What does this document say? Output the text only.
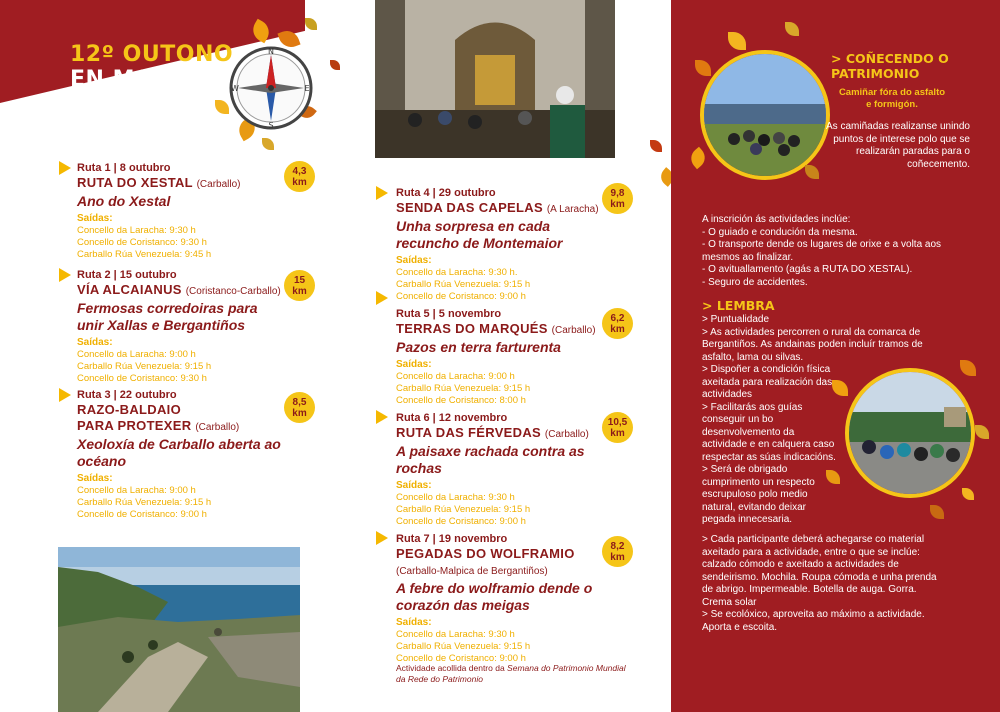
12º OUTONO
EN MARCHA
N
S
E
W
Ruta 1 | 8 outubro
RUTA DO XESTAL (Carballo)
Ano do Xestal
Saídas:
Concello da Laracha: 9:30 h
Concello de Coristanco: 9:30 h
Carballo Rúa Venezuela: 9:45 h
4,3
km
Ruta 2 | 15 outubro
VÍA ALCAIANUS (Coristanco-Carballo)
Fermosas corredoiras para unir Xallas e Bergantiños
Saídas:
Concello da Laracha: 9:00 h
Carballo Rúa Venezuela: 9:15 h
Concello de Coristanco: 9:30 h
15
km
Ruta 3 | 22 outubro
RAZO-BALDAIO
PARA PROTEXER (Carballo)
Xeoloxía de Carballo aberta ao océano
Saídas:
Concello da Laracha: 9:00 h
Carballo Rúa Venezuela: 9:15 h
Concello de Coristanco: 9:00 h
8,5
km
Ruta 4 | 29 outubro
SENDA DAS CAPELAS (A Laracha)
Unha sorpresa en cada recuncho de Montemaior
Saídas:
Concello da Laracha: 9:30 h.
Carballo Rúa Venezuela: 9:15 h
Concello de Coristanco: 9:00 h
9,8
km
Ruta 5 | 5 novembro
TERRAS DO MARQUÉS (Carballo)
Pazos en terra farturenta
Saídas:
Concello da Laracha: 9:00 h
Carballo Rúa Venezuela: 9:15 h
Concello de Coristanco: 8:00 h
6,2
km
Ruta 6 | 12 novembro
RUTA DAS FÉRVEDAS (Carballo)
A paisaxe rachada contra as rochas
Saídas:
Concello da Laracha: 9:30 h
Carballo Rúa Venezuela: 9:15 h
Concello de Coristanco: 9:00 h
10,5
km
Ruta 7 | 19 novembro
PEGADAS DO WOLFRAMIO
(Carballo-Malpica de Bergantiños)
A febre do wolframio dende o corazón das meigas
Saídas:
Concello da Laracha: 9:30 h
Carballo Rúa Venezuela: 9:15 h
Concello de Coristanco: 9:00 h
8,2
km
Actividade acollida dentro da Semana do Patrimonio Mundial da Rede do Patrimonio
> COÑECENDO O PATRIMONIO
Camiñar fóra do asfalto e formigón.
As camiñadas realizanse unindo puntos de interese polo que se realizarán paradas para o coñecemento.
A inscrición ás actividades inclúe:
- O guiado e condución da mesma.
- O transporte dende os lugares de orixe e a volta aos mesmos ao finalizar.
- O avituallamento (agás a RUTA DO XESTAL).
- Seguro de accidentes.
> LEMBRA
> Puntualidade
> As actividades percorren o rural da comarca de Bergantiños. As andainas poden incluír tramos de asfalto, lama ou silvas.
> Dispoñer a condición física axeitada para realización das actividades
> Facilitarás aos guías conseguir un bo desenvolvemento da actividade e en calquera caso respectar as súas indicacións.
> Será de obrigado cumprimento un respecto escrupuloso polo medio natural, evitando deixar pegada innecesaria.
> Cada participante deberá achegarse co material axeitado para a actividade, entre o que se inclúe: calzado cómodo e axeitado a actividades de sendeirismo. Mochila. Roupa cómoda e unha prenda de abrigo. Impermeable. Botella de auga. Gorra. Crema solar
> Se ecolóxico, aproveita ao máximo a actividade. Aporta e escoita.
